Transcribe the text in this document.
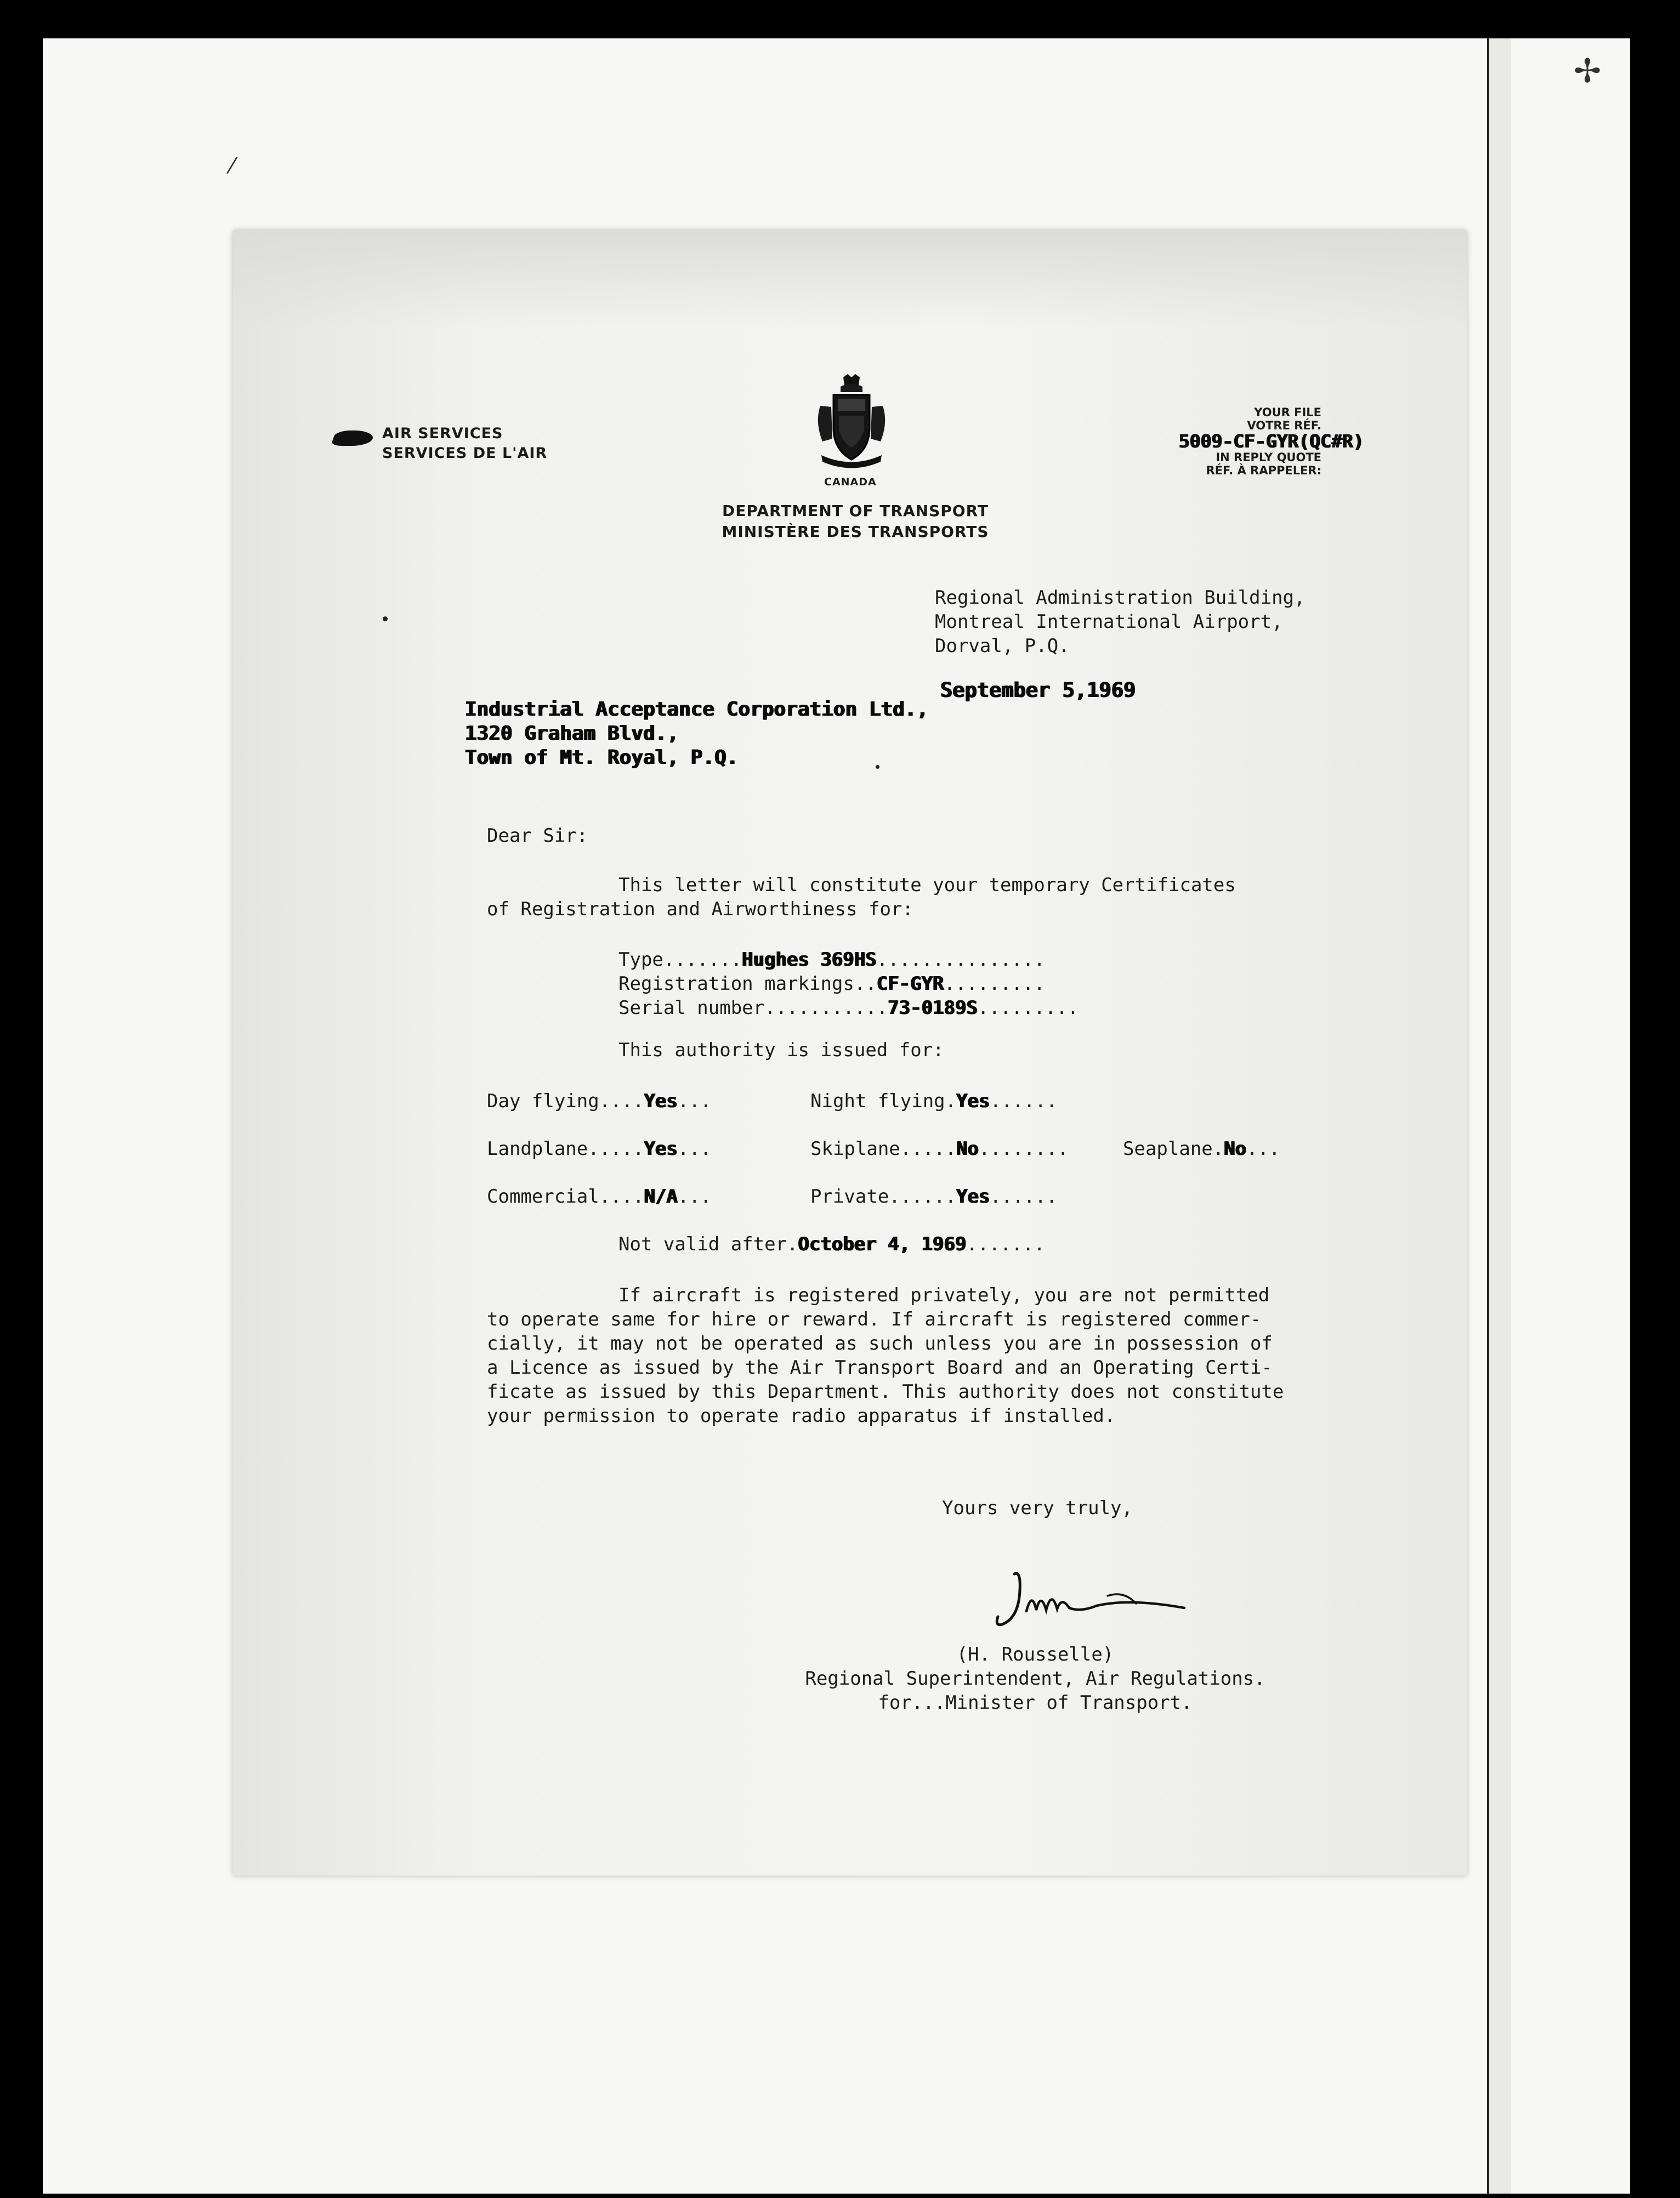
✢
⁄
AIR SERVICES
SERVICES DE L'AIR
CANADA
DEPARTMENT OF TRANSPORT
MINISTÈRE DES TRANSPORTS
YOUR FILE
VOTRE RÉF.
5009-CF-GYR(QC#R)
IN REPLY QUOTE
RÉF. À RAPPELER:
Regional Administration Building,
Montreal International Airport,
Dorval, P.Q.
September 5,1969
Industrial Acceptance Corporation Ltd.,
1320 Graham Blvd.,
Town of Mt. Royal, P.Q.
Dear Sir:
This letter will constitute your temporary Certificates
of Registration and Airworthiness for:
Type.......Hughes 369HS...............
Registration markings..CF-GYR.........
Serial number...........73-0189S.........
This authority is issued for:
Day flying....Yes...	Night flying.Yes......
Landplane.....Yes...	Skiplane.....No........	Seaplane.No...
Commercial....N/A...	Private......Yes......
Not valid after.October 4, 1969.......
If aircraft is registered privately, you are not permitted
to operate same for hire or reward. If aircraft is registered commer-
cially, it may not be operated as such unless you are in possession of
a Licence as issued by the Air Transport Board and an Operating Certi-
ficate as issued by this Department. This authority does not constitute
your permission to operate radio apparatus if installed.
Yours very truly,
(H. Rousselle)
Regional Superintendent, Air Regulations.
for...Minister of Transport.
